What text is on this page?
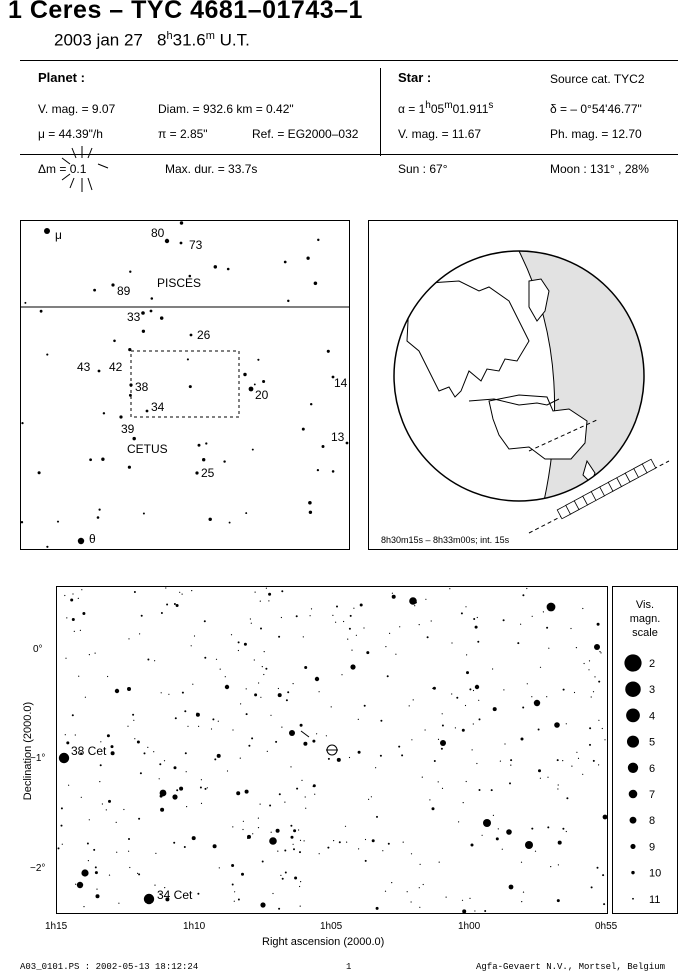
1 Ceres – TYC 4681–01743–1
2003 jan 27 8$^h$31.6$^m$ U.T.
Planet :
V. mag. = 9.07	Diam. = 932.6 km = 0.42"
μ = 44.39"/h	π = 2.85"	Ref. = EG2000–032
Δm = 0.1	Max. dur. = 33.7s
Star :	Source cat. TYC2
$\alpha = 1^h05^m01.911^s$	δ = – 0°54'46.77"
V. mag. = 11.67	Ph. mag. = 12.70
Sun : 67°	Moon : 131° , 28%
μ	80
73
89
PISCES
33
26
43 42
38
34
20
14
39
13
CETUS
25
θ	8h30m15s – 8h33m00s; int. 15s
38 Cet
34 Cet
0°
−1°
−2°
1h15	1h10	1h05	1h00	0h55
Right ascension (2000.0)
Declination (2000.0)
Vis.
magn.
scale
2
3
4
5
6
7
8
9
10
11
A03_0101.PS : 2002-05-13 18:12:24	1	Agfa-Gevaert N.V., Mortsel, Belgium
